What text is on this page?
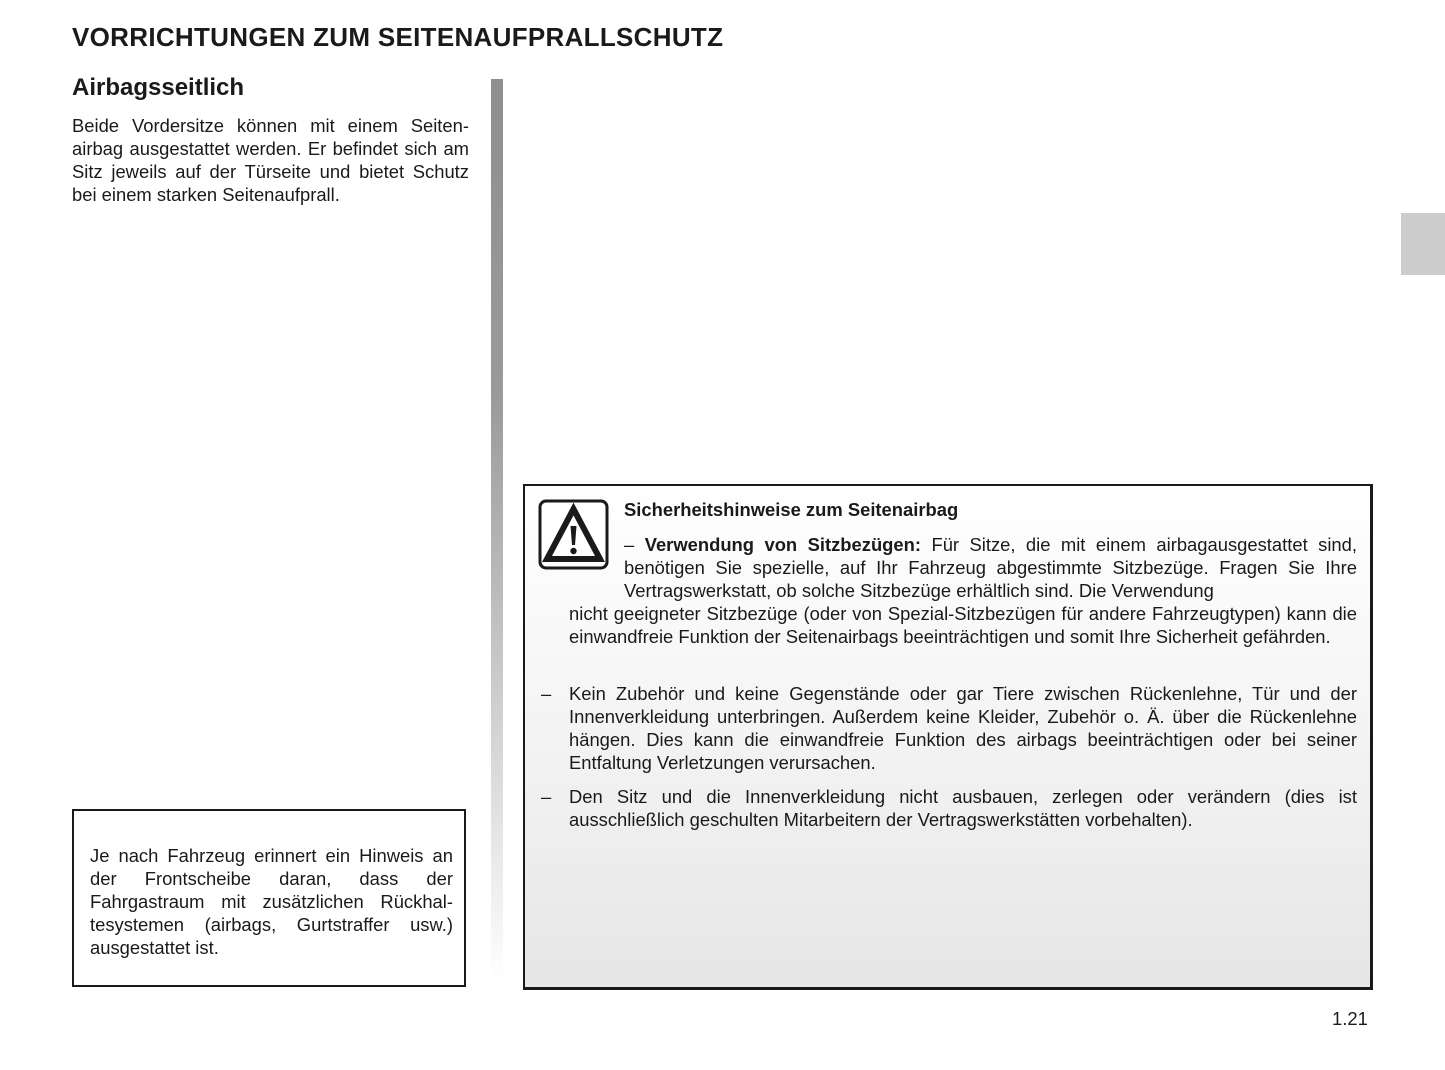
VORRICHTUNGEN ZUM SEITENAUFPRALLSCHUTZ
Airbagsseitlich

Beide Vordersitze können mit einem Seitenairbag ausgestattet werden. Er befindet sich am Sitz jeweils auf der Türseite und bietet Schutz bei einem starken Seitenaufprall.

Je nach Fahrzeug erinnert ein Hinweis an der Frontscheibe daran, dass der Fahrgastraum mit zusätzlichen Rückhaltesystemen (airbags, Gurtstraffer usw.) ausgestattet ist.

Sicherheitshinweise zum Seitenairbag

– Verwendung von Sitzbezügen: Für Sitze, die mit einem airbagausgestattet sind, benötigen Sie spezielle, auf Ihr Fahrzeug abgestimmte Sitzbezüge. Fragen Sie Ihre Vertragswerkstatt, ob solche Sitzbezüge erhältlich sind. Die Verwendung
nicht geeigneter Sitzbezüge (oder von Spezial-Sitzbezügen für andere Fahrzeugtypen) kann die einwandfreie Funktion der Seitenairbags beeinträchtigen und somit Ihre Sicherheit gefährden.

– Kein Zubehör und keine Gegenstände oder gar Tiere zwischen Rückenlehne, Tür und der Innenverkleidung unterbringen. Außerdem keine Kleider, Zubehör o. Ä. über die Rückenlehne hängen. Dies kann die einwandfreie Funktion des airbags beeinträchtigen oder bei seiner Entfaltung Verletzungen verursachen.

– Den Sitz und die Innenverkleidung nicht ausbauen, zerlegen oder verändern (dies ist ausschließlich geschulten Mitarbeitern der Vertragswerkstätten vorbehalten).

1.21
